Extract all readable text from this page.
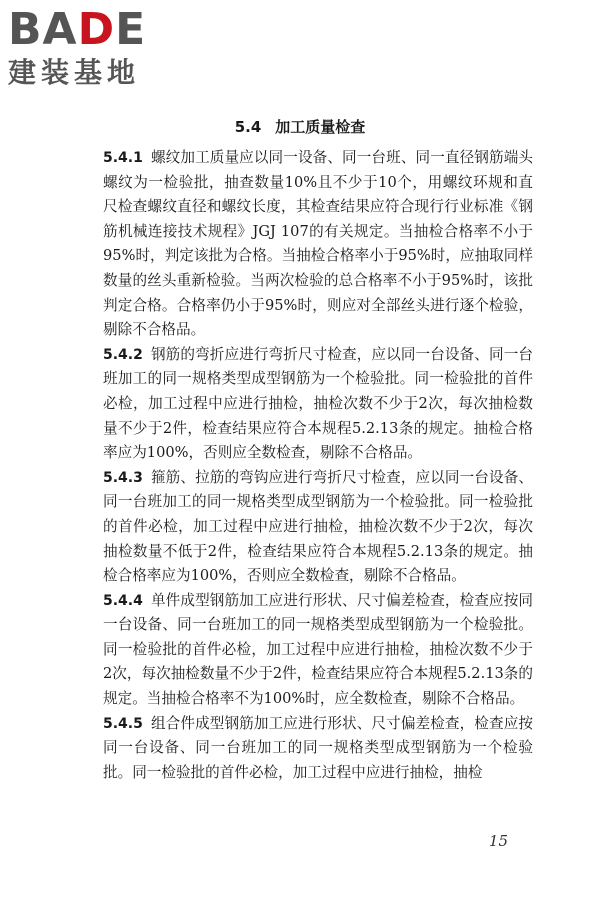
BADE
建装基地
5.4 加工质量检查

5.4.1 螺纹加工质量应以同一设备、同一台班、同一直径钢筋端头螺纹为一检验批，抽查数量10%且不少于10个，用螺纹环规和直尺检查螺纹直径和螺纹长度，其检查结果应符合现行行业标准《钢筋机械连接技术规程》JGJ 107的有关规定。当抽检合格率不小于95%时，判定该批为合格。当抽检合格率小于95%时，应抽取同样数量的丝头重新检验。当两次检验的总合格率不小于95%时，该批判定合格。合格率仍小于95%时，则应对全部丝头进行逐个检验，剔除不合格品。

5.4.2 钢筋的弯折应进行弯折尺寸检查，应以同一台设备、同一台班加工的同一规格类型成型钢筋为一个检验批。同一检验批的首件必检，加工过程中应进行抽检，抽检次数不少于2次，每次抽检数量不少于2件，检查结果应符合本规程5.2.13条的规定。抽检合格率应为100%，否则应全数检查，剔除不合格品。

5.4.3 箍筋、拉筋的弯钩应进行弯折尺寸检查，应以同一台设备、同一台班加工的同一规格类型成型钢筋为一个检验批。同一检验批的首件必检，加工过程中应进行抽检，抽检次数不少于2次，每次抽检数量不低于2件，检查结果应符合本规程5.2.13条的规定。抽检合格率应为100%，否则应全数检查，剔除不合格品。

5.4.4 单件成型钢筋加工应进行形状、尺寸偏差检查，检查应按同一台设备、同一台班加工的同一规格类型成型钢筋为一个检验批。同一检验批的首件必检，加工过程中应进行抽检，抽检次数不少于2次，每次抽检数量不少于2件，检查结果应符合本规程5.2.13条的规定。当抽检合格率不为100%时，应全数检查，剔除不合格品。

5.4.5 组合件成型钢筋加工应进行形状、尺寸偏差检查，检查应按同一台设备、同一台班加工的同一规格类型成型钢筋为一个检验批。同一检验批的首件必检，加工过程中应进行抽检，抽检

15
